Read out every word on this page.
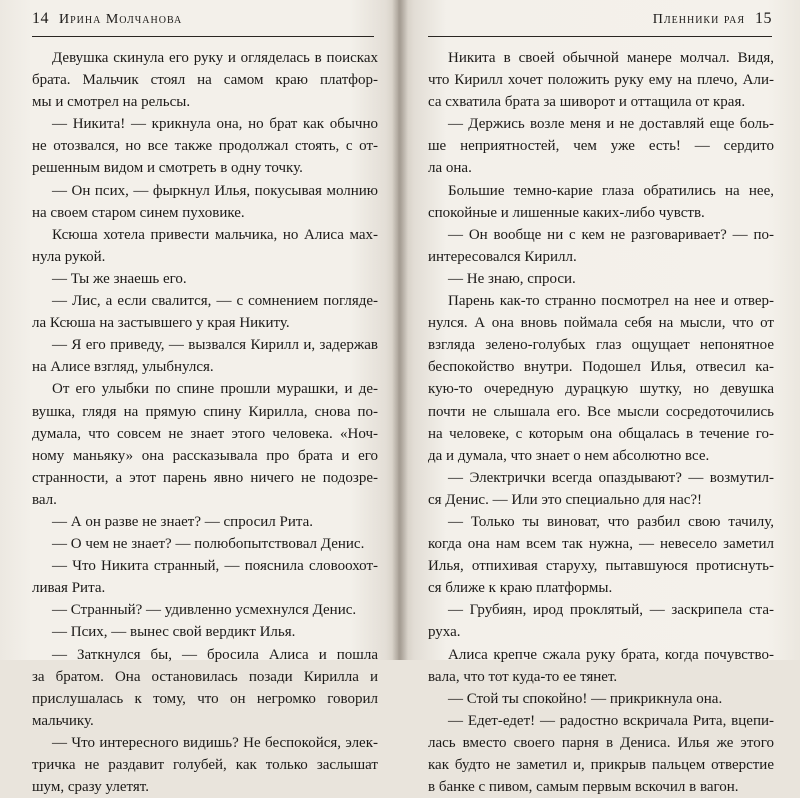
14 Ирина Молчанова
Девушка скинула его руку и огляделась в поисках
брата. Мальчик стоял на самом краю платфор-
мы и смотрел на рельсы.
— Никита! — крикнула она, но брат как обычно
не отозвался, но все также продолжал стоять, с от-
решенным видом и смотреть в одну точку.
— Он псих, — фыркнул Илья, покусывая молнию
на своем старом синем пуховике.
Ксюша хотела привести мальчика, но Алиса мах-
нула рукой.
— Ты же знаешь его.
— Лис, а если свалится, — с сомнением погляде-
ла Ксюша на застывшего у края Никиту.
— Я его приведу, — вызвался Кирилл и, задержав
на Алисе взгляд, улыбнулся.
От его улыбки по спине прошли мурашки, и де-
вушка, глядя на прямую спину Кирилла, снова по-
думала, что совсем не знает этого человека. «Ноч-
ному маньяку» она рассказывала про брата и его
странности, а этот парень явно ничего не подозре-
вал.
— А он разве не знает? — спросил Рита.
— О чем не знает? — полюбопытствовал Денис.
— Что Никита странный, — пояснила словоохот-
ливая Рита.
— Странный? — удивленно усмехнулся Денис.
— Псих, — вынес свой вердикт Илья.
— Заткнулся бы, — бросила Алиса и пошла
за братом. Она остановилась позади Кирилла и
прислушалась к тому, что он негромко говорил
мальчику.
— Что интересного видишь? Не беспокойся, элек-
тричка не раздавит голубей, как только заслышат
шум, сразу улетят.
Пленники рая 15
Никита в своей обычной манере молчал. Видя,
что Кирилл хочет положить руку ему на плечо, Али-
са схватила брата за шиворот и оттащила от края.
— Держись возле меня и не доставляй еще боль-
ше неприятностей, чем уже есть! — сердито
ла она.
Большие темно-карие глаза обратились на нее,
спокойные и лишенные каких-либо чувств.
— Он вообще ни с кем не разговаривает? — по-
интересовался Кирилл.
— Не знаю, спроси.
Парень как-то странно посмотрел на нее и отвер-
нулся. А она вновь поймала себя на мысли, что от
взгляда зелено-голубых глаз ощущает непонятное
беспокойство внутри. Подошел Илья, отвесил ка-
кую-то очередную дурацкую шутку, но девушка
почти не слышала его. Все мысли сосредоточились
на человеке, с которым она общалась в течение го-
да и думала, что знает о нем абсолютно все.
— Электрички всегда опаздывают? — возмутил-
ся Денис. — Или это специально для нас?!
— Только ты виноват, что разбил свою тачилу,
когда она нам всем так нужна, — невесело заметил
Илья, отпихивая старуху, пытавшуюся протиснуть-
ся ближе к краю платформы.
— Грубиян, ирод проклятый, — заскрипела ста-
руха.
Алиса крепче сжала руку брата, когда почувство-
вала, что тот куда-то ее тянет.
— Стой ты спокойно! — прикрикнула она.
— Едет-едет! — радостно вскричала Рита, вцепи-
лась вместо своего парня в Дениса. Илья же этого
как будто не заметил и, прикрыв пальцем отверстие
в банке с пивом, самым первым вскочил в вагон.
